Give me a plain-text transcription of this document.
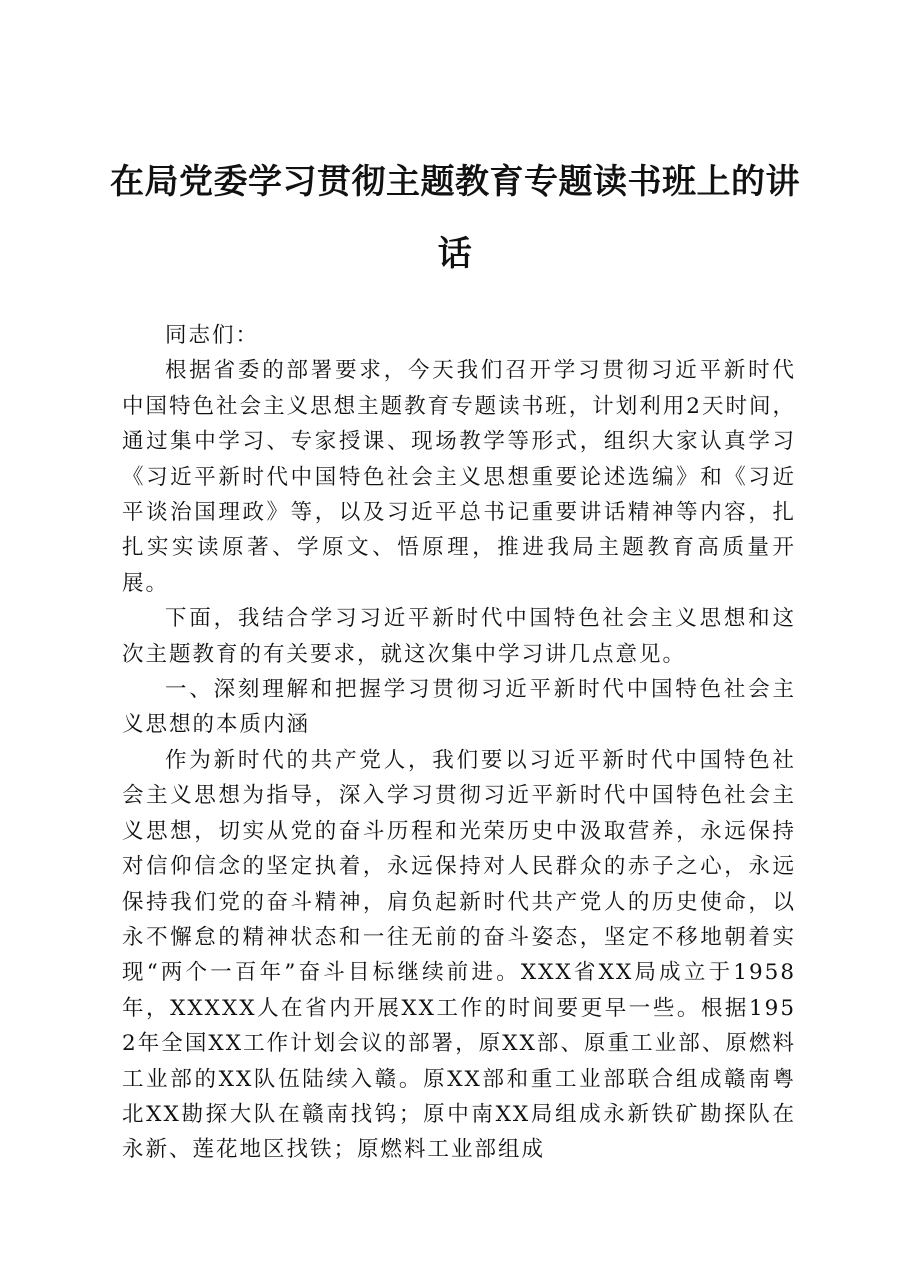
在局党委学习贯彻主题教育专题读书班上的讲话

同志们：

根据省委的部署要求，今天我们召开学习贯彻习近平新时代中国特色社会主义思想主题教育专题读书班，计划利用2天时间，通过集中学习、专家授课、现场教学等形式，组织大家认真学习《习近平新时代中国特色社会主义思想重要论述选编》和《习近平谈治国理政》等，以及习近平总书记重要讲话精神等内容，扎扎实实读原著、学原文、悟原理，推进我局主题教育高质量开展。

下面，我结合学习习近平新时代中国特色社会主义思想和这次主题教育的有关要求，就这次集中学习讲几点意见。

一、深刻理解和把握学习贯彻习近平新时代中国特色社会主义思想的本质内涵

作为新时代的共产党人，我们要以习近平新时代中国特色社会主义思想为指导，深入学习贯彻习近平新时代中国特色社会主义思想，切实从党的奋斗历程和光荣历史中汲取营养，永远保持对信仰信念的坚定执着，永远保持对人民群众的赤子之心，永远保持我们党的奋斗精神，肩负起新时代共产党人的历史使命，以永不懈怠的精神状态和一往无前的奋斗姿态，坚定不移地朝着实现“两个一百年”奋斗目标继续前进。XXX省XX局成立于1958年，XXXXX人在省内开展XX工作的时间要更早一些。根据1952年全国XX工作计划会议的部署，原XX部、原重工业部、原燃料工业部的XX队伍陆续入赣。原XX部和重工业部联合组成赣南粤北XX勘探大队在赣南找钨；原中南XX局组成永新铁矿勘探队在永新、莲花地区找铁；原燃料工业部组成
